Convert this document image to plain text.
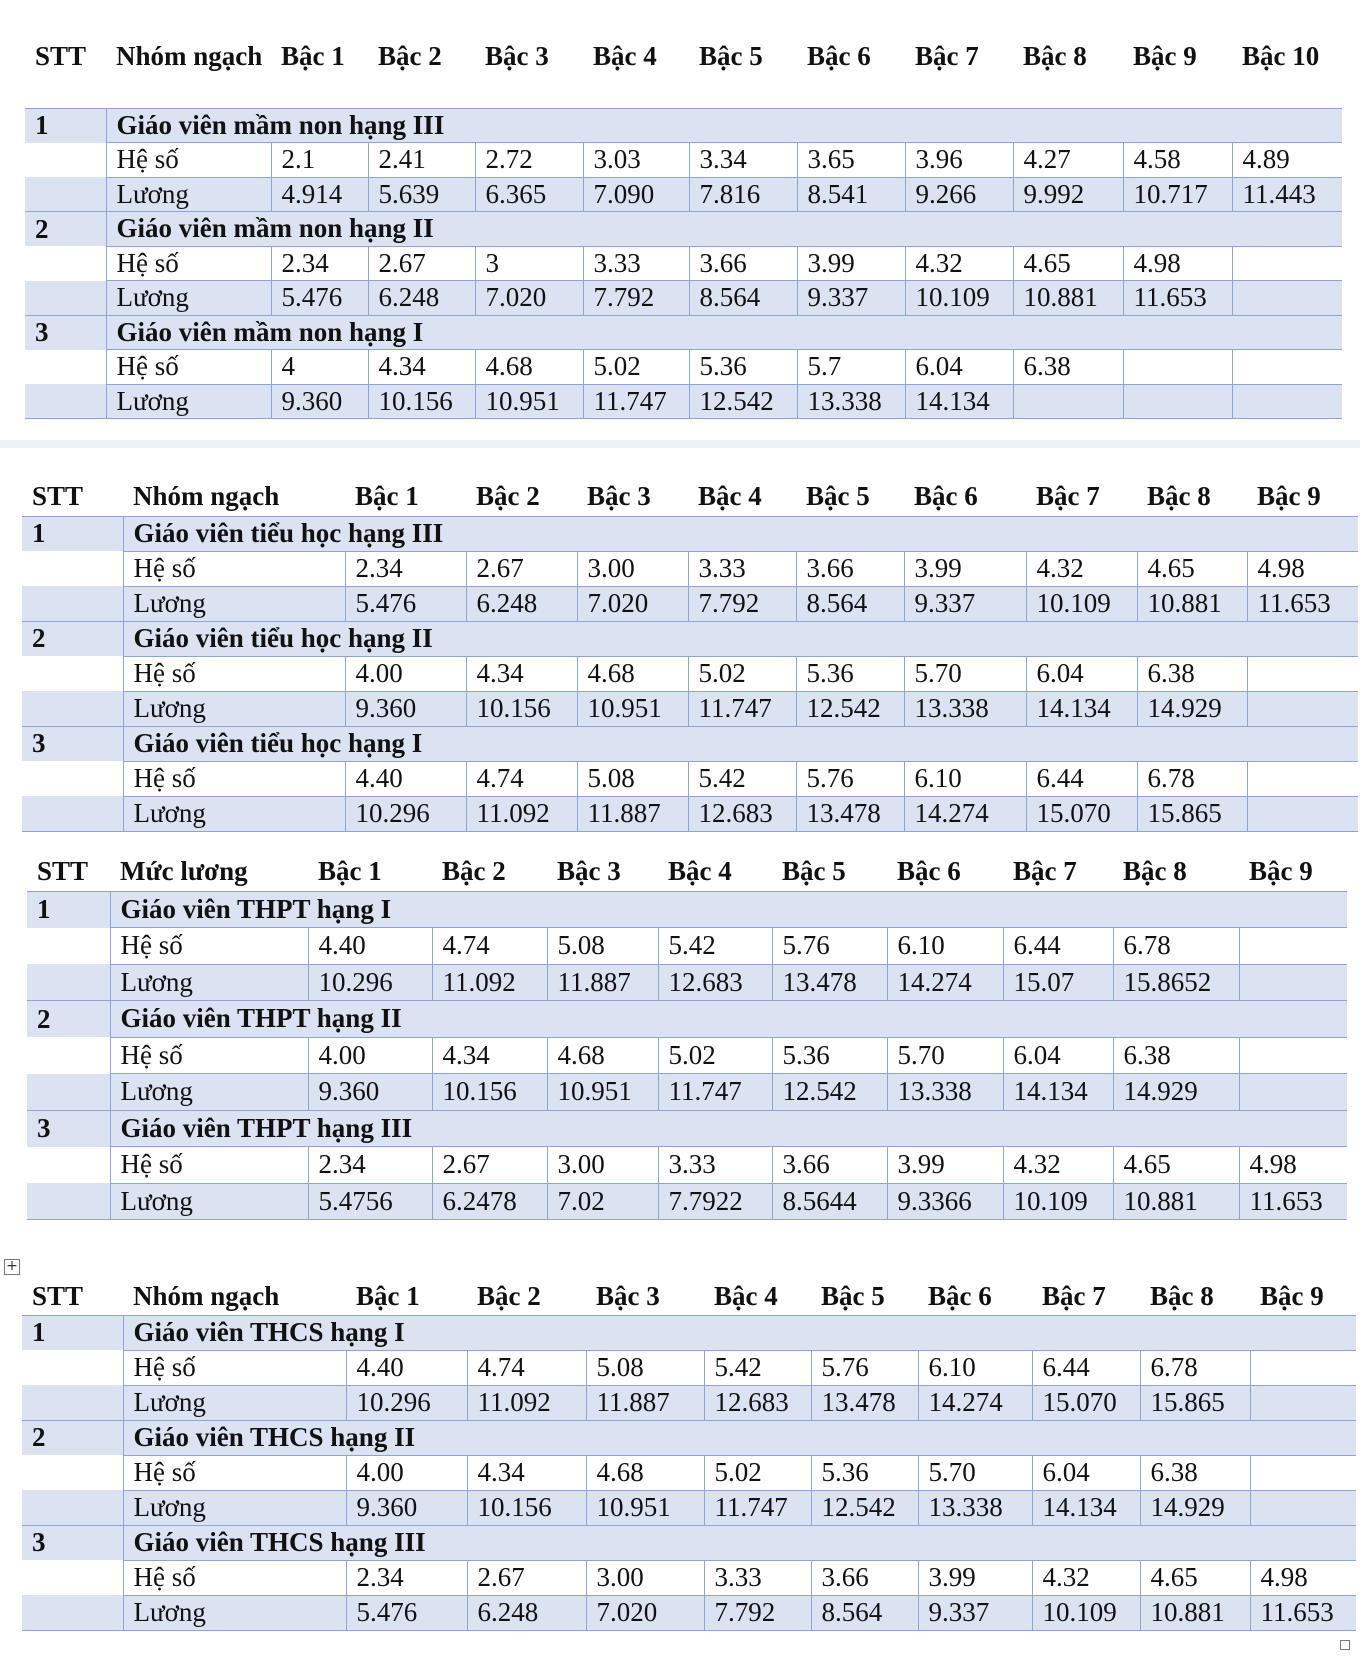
+
STT	Nhóm ngạch	Bậc 1	Bậc 2	Bậc 3	Bậc 4	Bậc 5	Bậc 6	Bậc 7	Bậc 8	Bậc 9	Bậc 10
1	Giáo viên mầm non hạng III										
	Hệ số	2.1	2.41	2.72	3.03	3.34	3.65	3.96	4.27	4.58	4.89
	Lương	4.914	5.639	6.365	7.090	7.816	8.541	9.266	9.992	10.717	11.443
2	Giáo viên mầm non hạng II										
	Hệ số	2.34	2.67	3	3.33	3.66	3.99	4.32	4.65	4.98	
	Lương	5.476	6.248	7.020	7.792	8.564	9.337	10.109	10.881	11.653	
3	Giáo viên mầm non hạng I										
	Hệ số	4	4.34	4.68	5.02	5.36	5.7	6.04	6.38		
	Lương	9.360	10.156	10.951	11.747	12.542	13.338	14.134			
STT	Nhóm ngạch	Bậc 1	Bậc 2	Bậc 3	Bậc 4	Bậc 5	Bậc 6	Bậc 7	Bậc 8	Bậc 9
1	Giáo viên tiểu học hạng III									
	Hệ số	2.34	2.67	3.00	3.33	3.66	3.99	4.32	4.65	4.98
	Lương	5.476	6.248	7.020	7.792	8.564	9.337	10.109	10.881	11.653
2	Giáo viên tiểu học hạng II									
	Hệ số	4.00	4.34	4.68	5.02	5.36	5.70	6.04	6.38	
	Lương	9.360	10.156	10.951	11.747	12.542	13.338	14.134	14.929	
3	Giáo viên tiểu học hạng I									
	Hệ số	4.40	4.74	5.08	5.42	5.76	6.10	6.44	6.78	
	Lương	10.296	11.092	11.887	12.683	13.478	14.274	15.070	15.865	
STT	Mức lương	Bậc 1	Bậc 2	Bậc 3	Bậc 4	Bậc 5	Bậc 6	Bậc 7	Bậc 8	Bậc 9
1	Giáo viên THPT hạng I									
	Hệ số	4.40	4.74	5.08	5.42	5.76	6.10	6.44	6.78	
	Lương	10.296	11.092	11.887	12.683	13.478	14.274	15.07	15.8652	
2	Giáo viên THPT hạng II									
	Hệ số	4.00	4.34	4.68	5.02	5.36	5.70	6.04	6.38	
	Lương	9.360	10.156	10.951	11.747	12.542	13.338	14.134	14.929	
3	Giáo viên THPT hạng III									
	Hệ số	2.34	2.67	3.00	3.33	3.66	3.99	4.32	4.65	4.98
	Lương	5.4756	6.2478	7.02	7.7922	8.5644	9.3366	10.109	10.881	11.653
STT	Nhóm ngạch	Bậc 1	Bậc 2	Bậc 3	Bậc 4	Bậc 5	Bậc 6	Bậc 7	Bậc 8	Bậc 9
1	Giáo viên THCS hạng I									
	Hệ số	4.40	4.74	5.08	5.42	5.76	6.10	6.44	6.78	
	Lương	10.296	11.092	11.887	12.683	13.478	14.274	15.070	15.865	
2	Giáo viên THCS hạng II									
	Hệ số	4.00	4.34	4.68	5.02	5.36	5.70	6.04	6.38	
	Lương	9.360	10.156	10.951	11.747	12.542	13.338	14.134	14.929	
3	Giáo viên THCS hạng III									
	Hệ số	2.34	2.67	3.00	3.33	3.66	3.99	4.32	4.65	4.98
	Lương	5.476	6.248	7.020	7.792	8.564	9.337	10.109	10.881	11.653
